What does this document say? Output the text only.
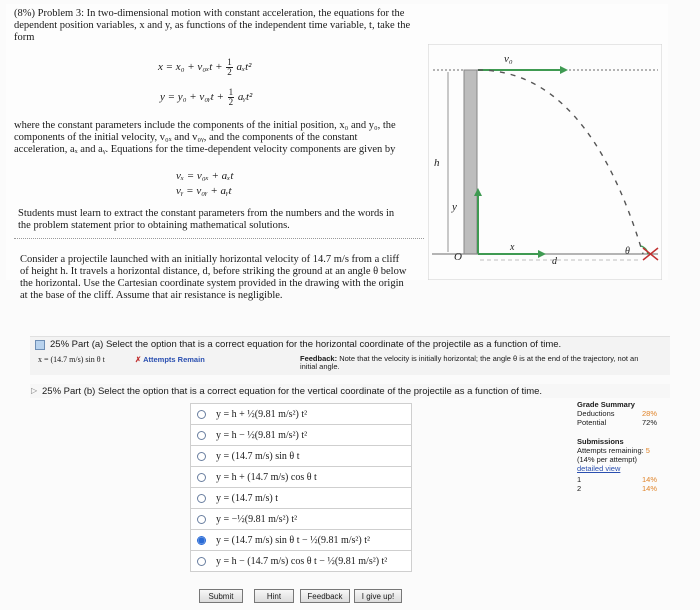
(8%) Problem 3: In two-dimensional motion with constant acceleration, the equations for the dependent position variables, x and y, as functions of the independent time variable, t, take the form

$x = x_0 + v_{0x}t + \frac{1}{2} a_xt^2$
y = y₀ + v₀ᵧt + $\frac{1}{2}$ aᵧt²

where the constant parameters include the components of the initial position, x₀ and y₀, the components of the initial velocity, v₀ₓ and v₀ᵧ, and the components of the constant acceleration, aₓ and aᵧ. Equations for the time-dependent velocity components are given by

vₓ = v₀ₓ + aₓt
vᵧ = v₀ᵧ + aᵧt

Students must learn to extract the constant parameters from the numbers and the words in the problem statement prior to obtaining mathematical solutions.

Consider a projectile launched with an initially horizontal velocity of 14.7 m/s from a cliff of height h. It travels a horizontal distance, d, before striking the ground at an angle θ below the horizontal. Use the Cartesian coordinate system provided in the drawing with the origin at the base of the cliff. Assume that air resistance is negligible.

v₀
h
y
O
x
d
θ
25% Part (a) Select the option that is a correct equation for the horizontal coordinate of the projectile as a function of time.
x = (14.7 m/s) sin θ t	✗ Attempts Remain	Feedback: Note that the velocity is initially horizontal; the angle θ is at the end of the trajectory, not an initial angle.
▷ 25% Part (b) Select the option that is a correct equation for the vertical coordinate of the projectile as a function of time.
y = h + ½(9.81 m/s²) t²
y = h − ½(9.81 m/s²) t²
y = (14.7 m/s) sin θ t
y = h + (14.7 m/s) cos θ t
y = (14.7 m/s) t
y = −½(9.81 m/s²) t²
y = (14.7 m/s) sin θ t − ½(9.81 m/s²) t²
y = h − (14.7 m/s) cos θ t − ½(9.81 m/s²) t²
Grade Summary
Deductions	28%
Potential	72%
Submissions
Attempts remaining: 5
(14% per attempt)
detailed view
1	14%
2	14%
Submit	Hint	Feedback	I give up!
